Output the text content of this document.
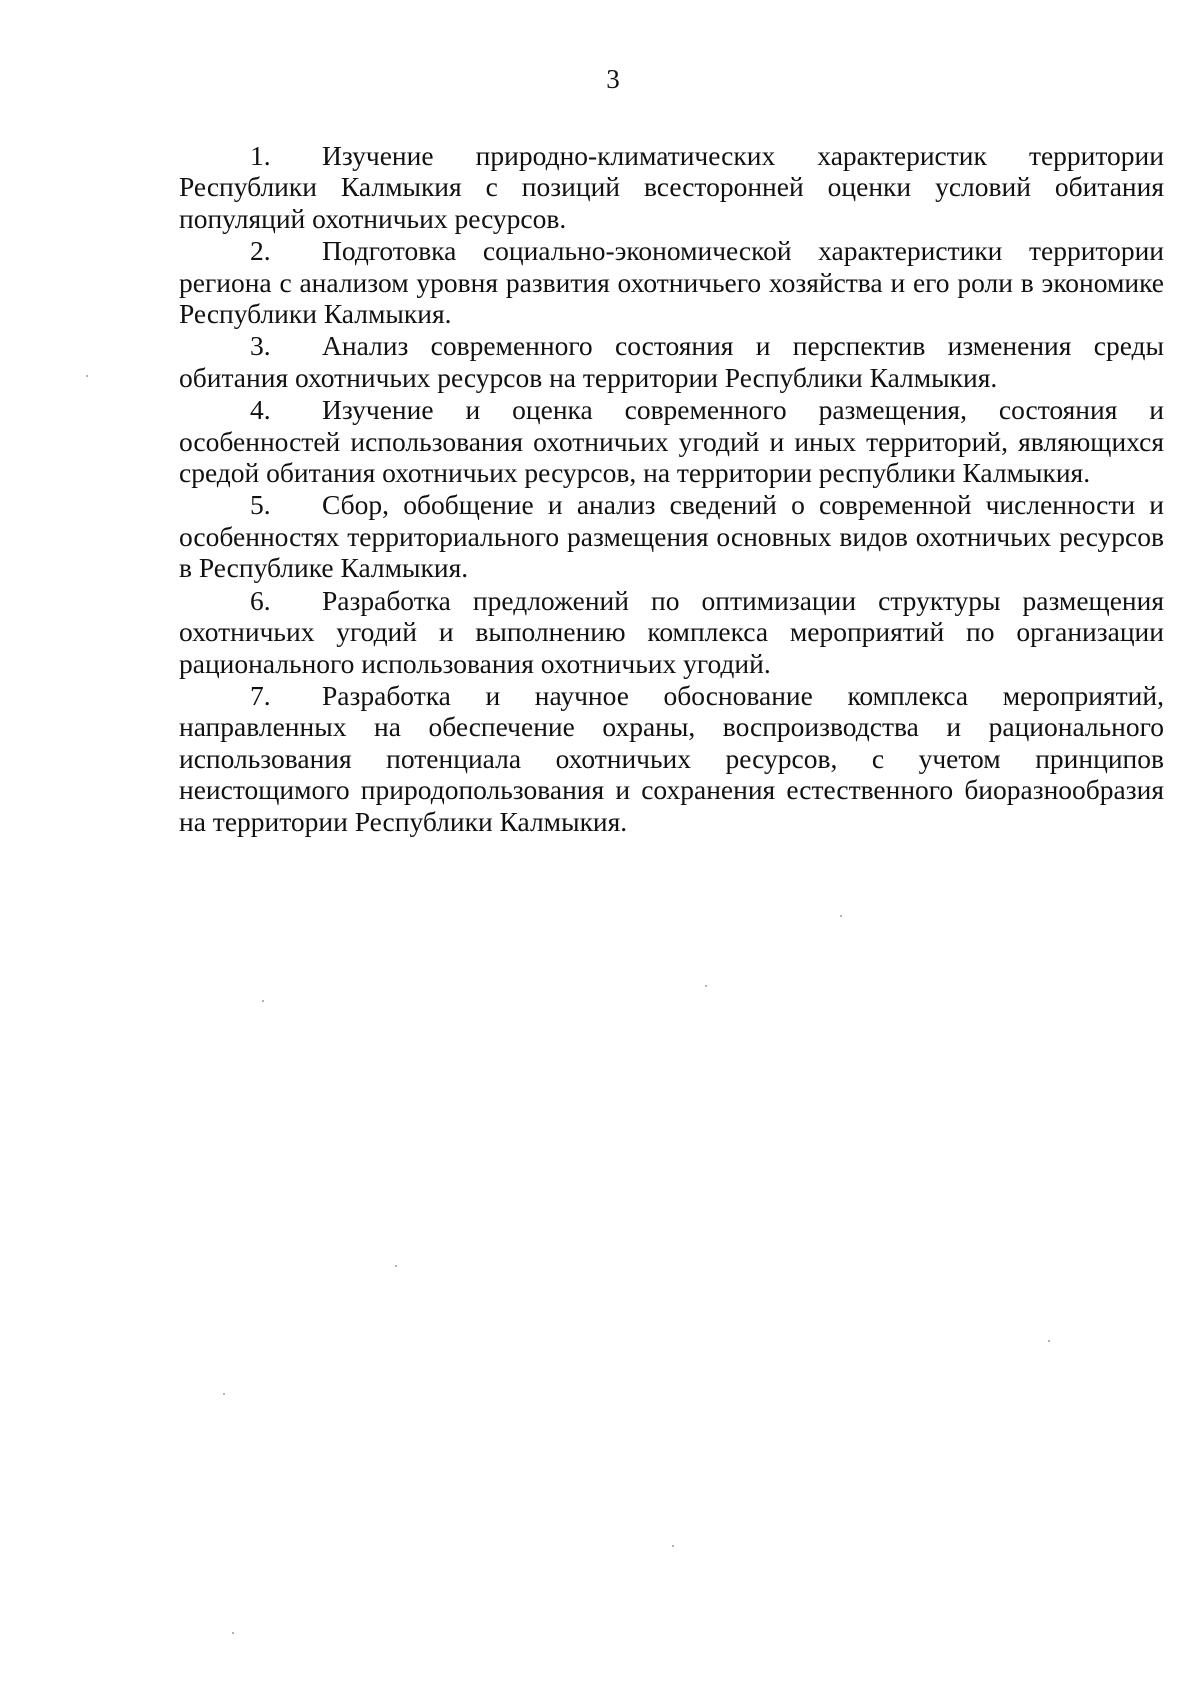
3

1. Изучение природно-климатических характеристик территории Республики Калмыкия с позиций всесторонней оценки условий обитания популяций охотничьих ресурсов.

2. Подготовка социально-экономической характеристики территории региона с анализом уровня развития охотничьего хозяйства и его роли в экономике Республики Калмыкия.

3. Анализ современного состояния и перспектив изменения среды обитания охотничьих ресурсов на территории Республики Калмыкия.

4. Изучение и оценка современного размещения, состояния и особенностей использования охотничьих угодий и иных территорий, являющихся средой обитания охотничьих ресурсов, на территории республики Калмыкия.

5. Сбор, обобщение и анализ сведений о современной численности и особенностях территориального размещения основных видов охотничьих ресурсов в Республике Калмыкия.

6. Разработка предложений по оптимизации структуры размещения охотничьих угодий и выполнению комплекса мероприятий по организации рационального использования охотничьих угодий.

7. Разработка и научное обоснование комплекса мероприятий, направленных на обеспечение охраны, воспроизводства и рационального использования потенциала охотничьих ресурсов, с учетом принципов неистощимого природопользования и сохранения естественного биоразнообразия на территории Республики Калмыкия.
